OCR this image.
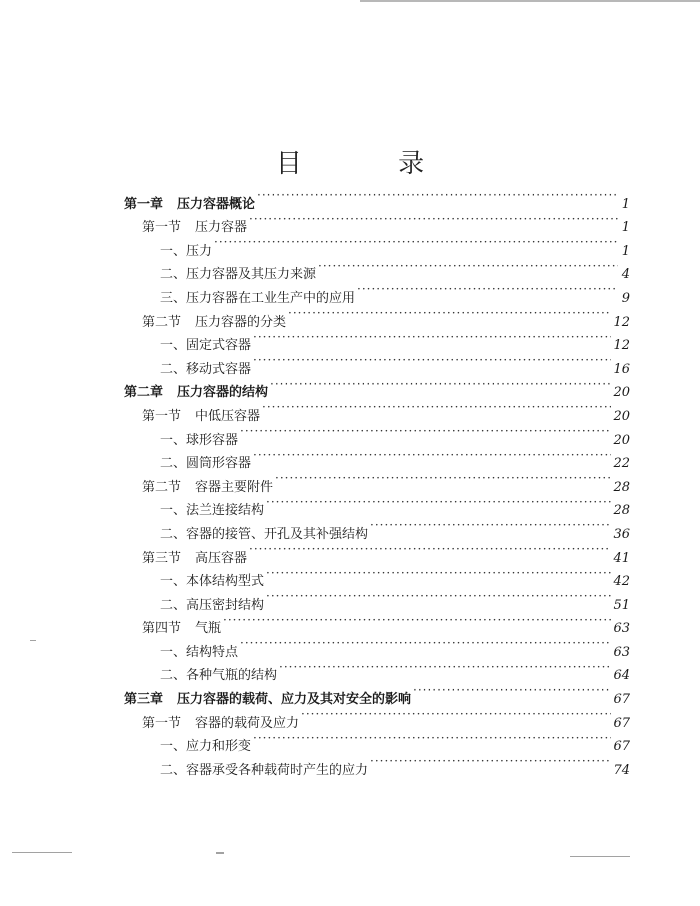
目 录
第一章 压力容器概论 ·····	1
第一节 压力容器 ·····	1
一、压力 ·····	1
二、压力容器及其压力来源 ·····	4
三、压力容器在工业生产中的应用 ·····	9
第二节 压力容器的分类 ·····	12
一、固定式容器 ·····	12
二、移动式容器 ·····	16
第二章 压力容器的结构 ·····	20
第一节 中低压容器 ·····	20
一、球形容器 ·····	20
二、圆筒形容器 ·····	22
第二节 容器主要附件 ·····	28
一、法兰连接结构 ·····	28
二、容器的接管、开孔及其补强结构 ·····	36
第三节 高压容器 ·····	41
一、本体结构型式 ·····	42
二、高压密封结构 ·····	51
第四节 气瓶 ·····	63
一、结构特点 ·····	63
二、各种气瓶的结构 ·····	64
第三章 压力容器的载荷、应力及其对安全的影响 ·····	67
第一节 容器的载荷及应力 ·····	67
一、应力和形变 ·····	67
二、容器承受各种载荷时产生的应力 ·····	74
